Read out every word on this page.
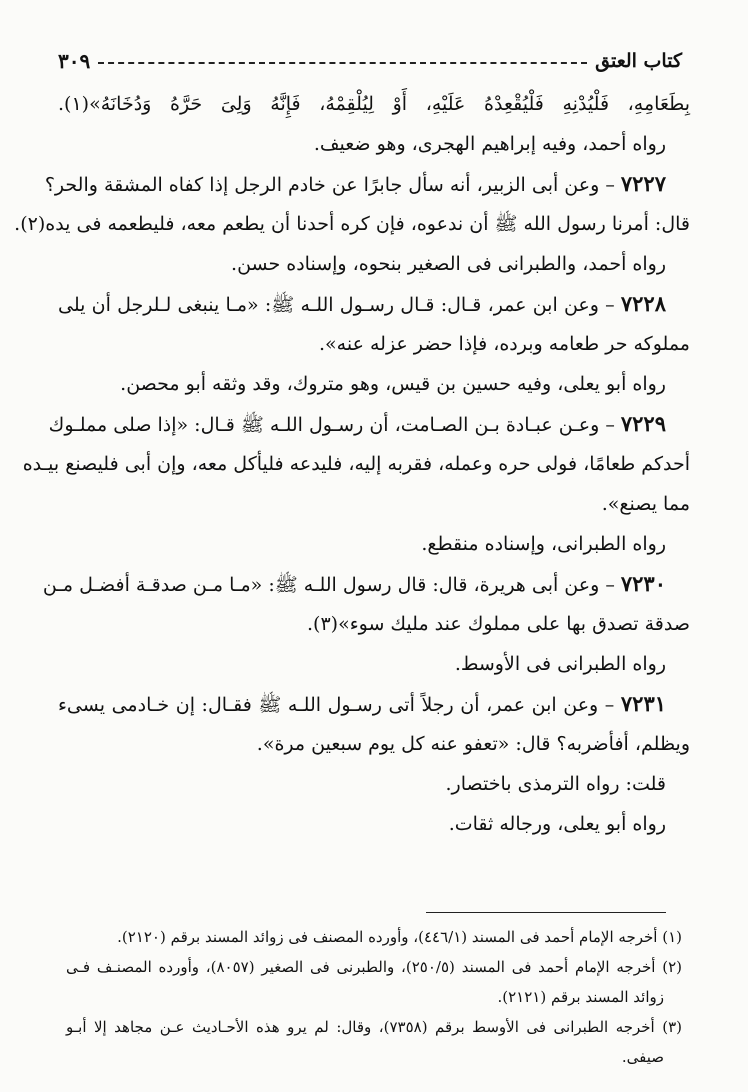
كتاب العتق
٣٠٩
بِطَعَامِهِ، فَلْيُدْنِهِ فَلْيُقْعِدْهُ عَلَيْهِ، أَوْ لِيُلْقِمْهُ، فَإِنَّهُ وَلِىَ حَرَّهُ وَدُخَانَهُ»(١).
رواه أحمد، وفيه إبراهيم الهجرى، وهو ضعيف.
٧٢٢٧ – وعن أبى الزبير، أنه سأل جابرًا عن خادم الرجل إذا كفاه المشقة والحر؟
قال: أمرنا رسول الله ﷺ أن ندعوه، فإن كره أحدنا أن يطعم معه، فليطعمه فى يده(٢).
رواه أحمد، والطبرانى فى الصغير بنحوه، وإسناده حسن.
٧٢٢٨ – وعن ابن عمر، قـال: قـال رسـول اللـه ﷺ: «مـا ينبغى لـلرجل أن يلى
مملوكه حر طعامه وبرده، فإذا حضر عزله عنه».
رواه أبو يعلى، وفيه حسين بن قيس، وهو متروك، وقد وثقه أبو محصن.
٧٢٢٩ – وعـن عبـادة بـن الصـامت، أن رسـول اللـه ﷺ قـال: «إذا صلى مملـوك
أحدكم طعامًا، فولى حره وعمله، فقربه إليه، فليدعه فليأكل معه، وإن أبى فليصنع بيـده
مما يصنع».
رواه الطبرانى، وإسناده منقطع.
٧٢٣٠ – وعن أبى هريرة، قال: قال رسول اللـه ﷺ: «مـا مـن صدقـة أفضـل مـن
صدقة تصدق بها على مملوك عند مليك سوء»(٣).
رواه الطبرانى فى الأوسط.
٧٢٣١ – وعن ابن عمر، أن رجلاً أتى رسـول اللـه ﷺ فقـال: إن خـادمى يسىء
ويظلم، أفأضربه؟ قال: «تعفو عنه كل يوم سبعين مرة».
قلت: رواه الترمذى باختصار.
رواه أبو يعلى، ورجاله ثقات.
(١) أخرجه الإمام أحمد فى المسند (٤٤٦/١)، وأورده المصنف فى زوائد المسند برقم (٢١٢٠).
(٢) أخرجه الإمام أحمد فى المسند (٢٥٠/٥)، والطبرنى فى الصغير (٨٠٥٧)، وأورده المصنـف فـى
زوائد المسند برقم (٢١٢١).
(٣) أخرجه الطبرانى فى الأوسط برقم (٧٣٥٨)، وقال: لم يرو هذه الأحـاديث عـن مجاهد إلا أبـو
صيفى.
